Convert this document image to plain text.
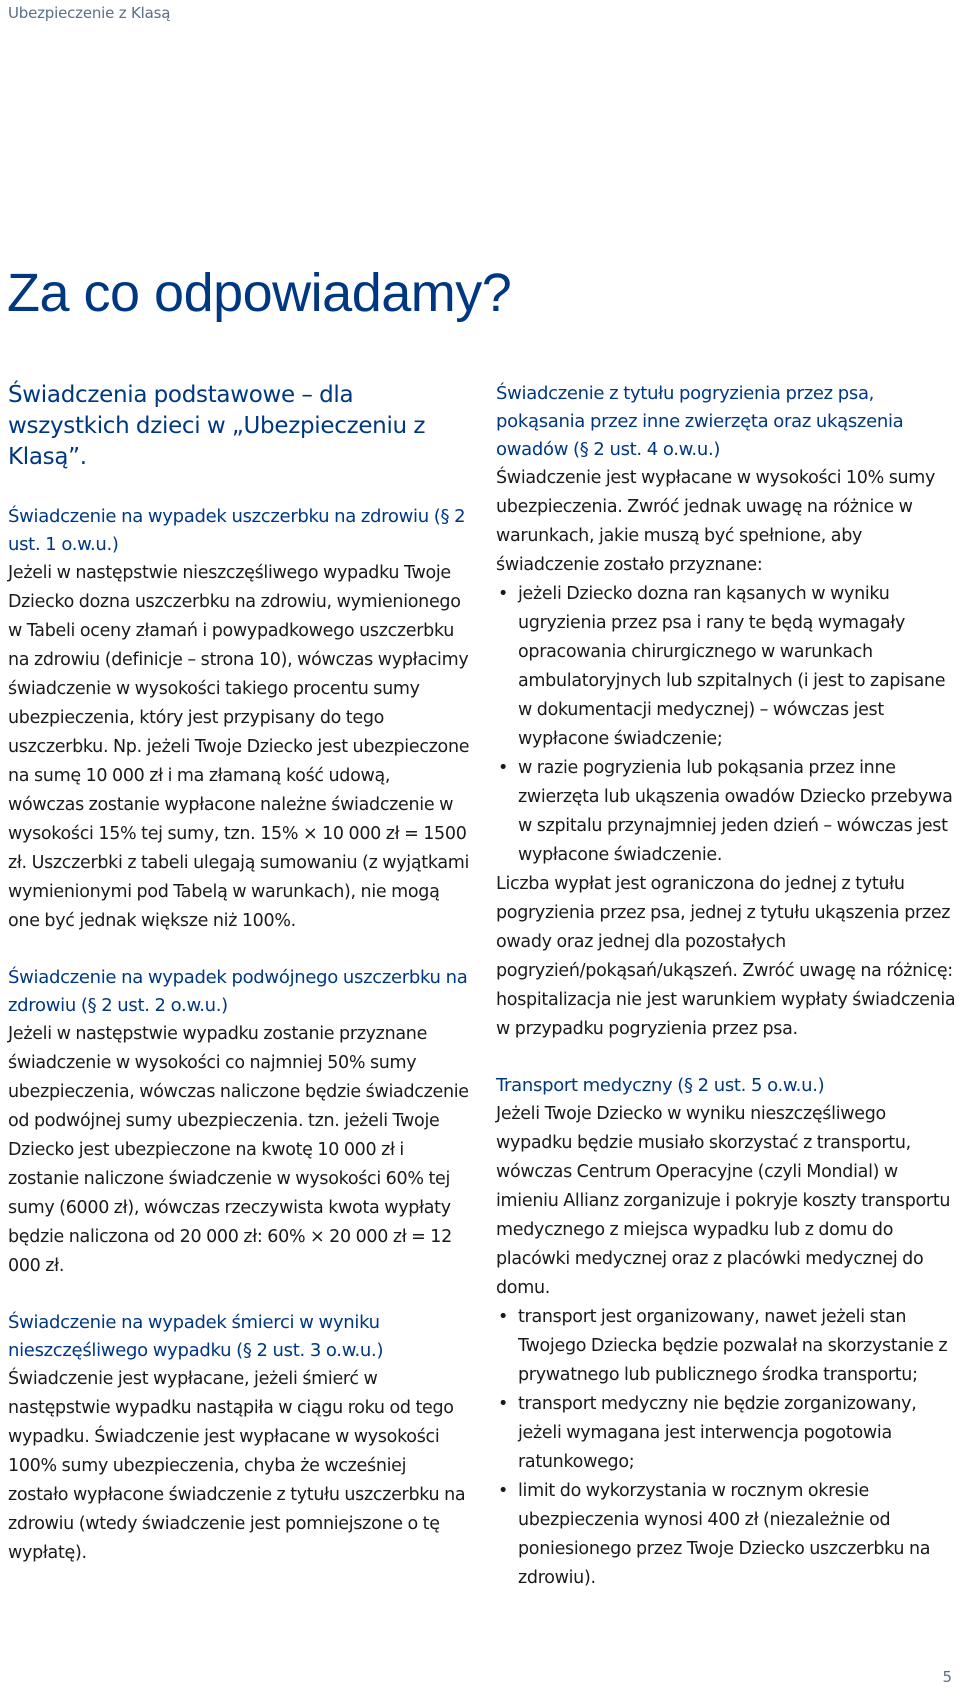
Ubezpieczenie z Klasą
Za co odpowiadamy?
Świadczenia podstawowe – dla wszystkich dzieci w „Ubezpieczeniu z Klasą”.
Świadczenie na wypadek uszczerbku na zdrowiu (§ 2 ust. 1 o.w.u.)

Jeżeli w następstwie nieszczęśliwego wypadku Twoje Dziecko dozna uszczerbku na zdrowiu, wymienionego w Tabeli oceny złamań i powypadkowego uszczerbku na zdrowiu (definicje – strona 10), wówczas wypłacimy świadczenie w wysokości takiego procentu sumy ubezpieczenia, który jest przypisany do tego uszczerbku. Np. jeżeli Twoje Dziecko jest ubezpieczone na sumę 10 000 zł i ma złamaną kość udową, wówczas zostanie wypłacone należne świadczenie w wysokości 15% tej sumy, tzn. 15% × 10 000 zł = 1500 zł. Uszczerbki z tabeli ulegają sumowaniu (z wyjątkami wymienionymi pod Tabelą w warunkach), nie mogą one być jednak większe niż 100%.

Świadczenie na wypadek podwójnego uszczerbku na zdrowiu (§ 2 ust. 2 o.w.u.)

Jeżeli w następstwie wypadku zostanie przyznane świadczenie w wysokości co najmniej 50% sumy ubezpieczenia, wówczas naliczone będzie świadczenie od podwójnej sumy ubezpieczenia. tzn. jeżeli Twoje Dziecko jest ubezpieczone na kwotę 10 000 zł i zostanie naliczone świadczenie w wysokości 60% tej sumy (6000 zł), wówczas rzeczywista kwota wypłaty będzie naliczona od 20 000 zł: 60% × 20 000 zł = 12 000 zł.

Świadczenie na wypadek śmierci w wyniku nieszczęśliwego wypadku (§ 2 ust. 3 o.w.u.)

Świadczenie jest wypłacane, jeżeli śmierć w następstwie wypadku nastąpiła w ciągu roku od tego wypadku. Świadczenie jest wypłacane w wysokości 100% sumy ubezpieczenia, chyba że wcześniej zostało wypłacone świadczenie z tytułu uszczerbku na zdrowiu (wtedy świadczenie jest pomniejszone o tę wypłatę).

Świadczenie z tytułu pogryzienia przez psa, pokąsania przez inne zwierzęta oraz ukąszenia owadów (§ 2 ust. 4 o.w.u.)

Świadczenie jest wypłacane w wysokości 10% sumy ubezpieczenia. Zwróć jednak uwagę na różnice w warunkach, jakie muszą być spełnione, aby świadczenie zostało przyznane:

• jeżeli Dziecko dozna ran kąsanych w wyniku ugryzienia przez psa i rany te będą wymagały opracowania chirurgicznego w warunkach ambulatoryjnych lub szpitalnych (i jest to zapisane w dokumentacji medycznej) – wówczas jest wypłacone świadczenie;
• w razie pogryzienia lub pokąsania przez inne zwierzęta lub ukąszenia owadów Dziecko przebywa w szpitalu przynajmniej jeden dzień – wówczas jest wypłacone świadczenie.

Liczba wypłat jest ograniczona do jednej z tytułu pogryzienia przez psa, jednej z tytułu ukąszenia przez owady oraz jednej dla pozostałych pogryzień/pokąsań/ukąszeń. Zwróć uwagę na różnicę: hospitalizacja nie jest warunkiem wypłaty świadczenia w przypadku pogryzienia przez psa.

Transport medyczny (§ 2 ust. 5 o.w.u.)

Jeżeli Twoje Dziecko w wyniku nieszczęśliwego wypadku będzie musiało skorzystać z transportu, wówczas Centrum Operacyjne (czyli Mondial) w imieniu Allianz zorganizuje i pokryje koszty transportu medycznego z miejsca wypadku lub z domu do placówki medycznej oraz z placówki medycznej do domu.

• transport jest organizowany, nawet jeżeli stan Twojego Dziecka będzie pozwalał na skorzystanie z prywatnego lub publicznego środka transportu;
• transport medyczny nie będzie zorganizowany, jeżeli wymagana jest interwencja pogotowia ratunkowego;
• limit do wykorzystania w rocznym okresie ubezpieczenia wynosi 400 zł (niezależnie od poniesionego przez Twoje Dziecko uszczerbku na zdrowiu).
5
